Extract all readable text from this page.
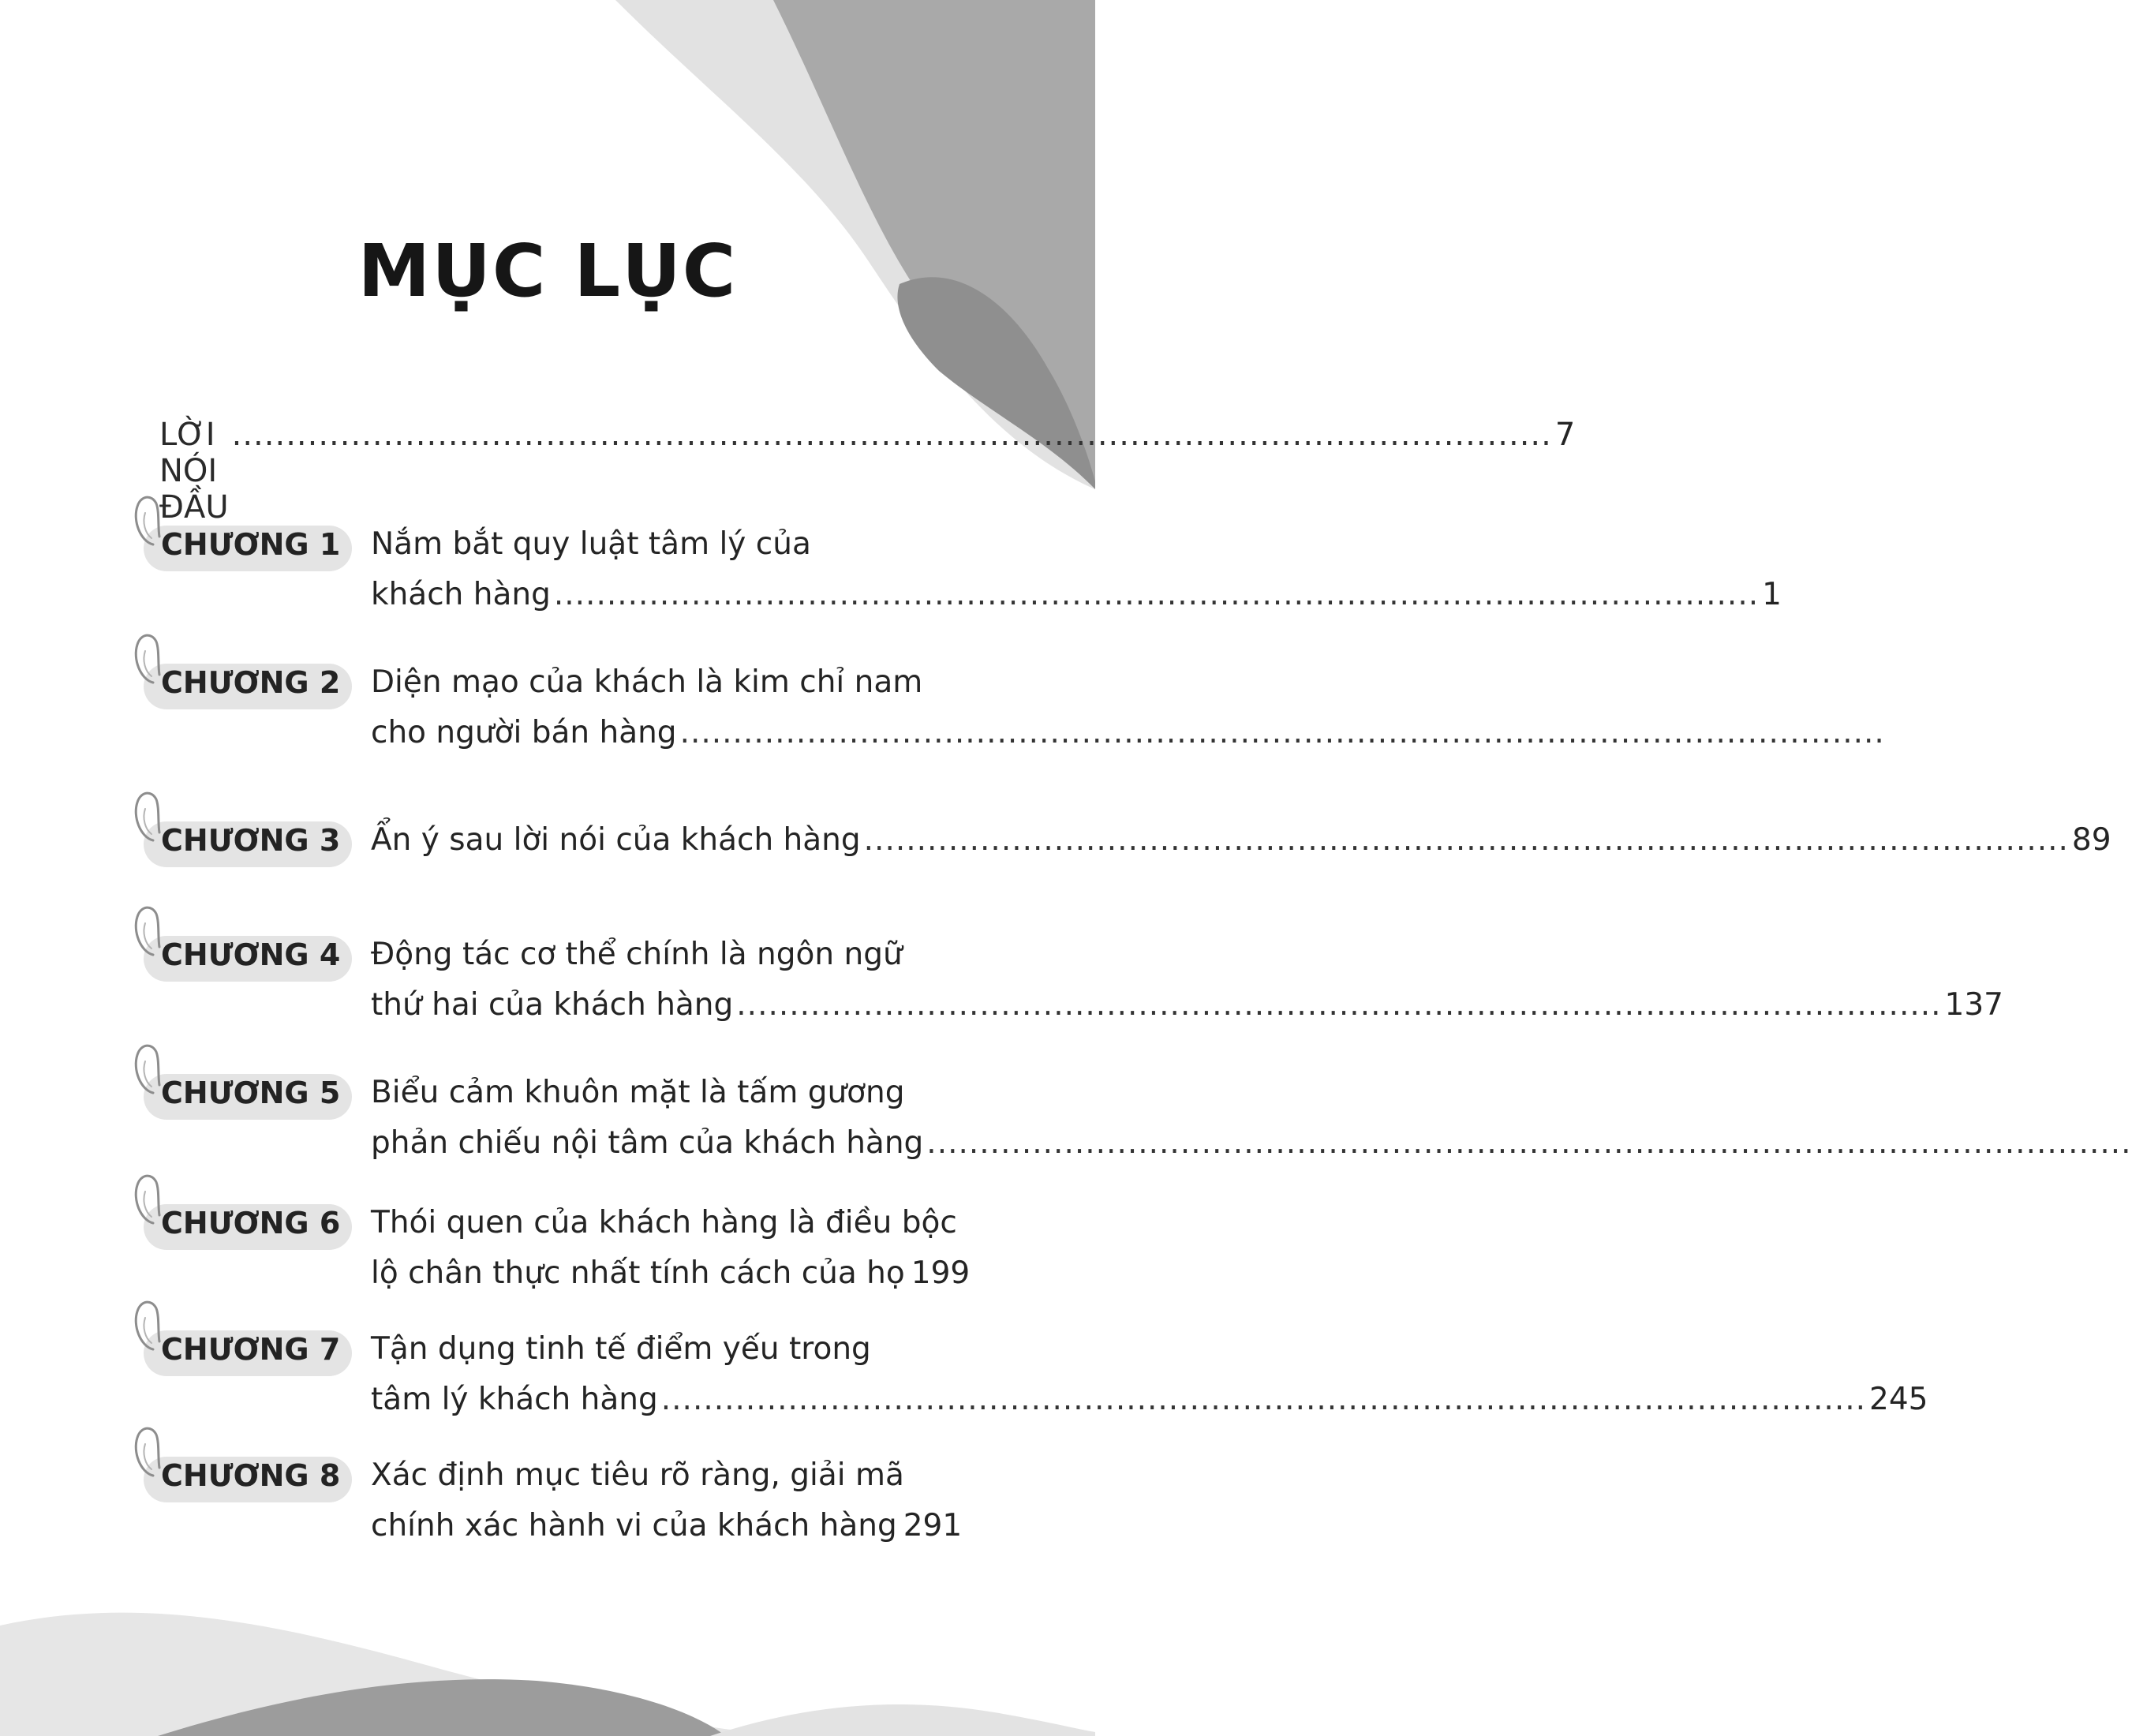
MỤC LỤC
LỜI NÓI ĐẦU
.......................................................................................................................... 7
CHƯƠNG 1 Nắm bắt quy luật tâm lý của
khách hàng .................................................................................................................. 1
CHƯƠNG 2 Diện mạo của khách là kim chỉ nam
cho người bán hàng ..................................................................................................................
CHƯƠNG 3 Ẩn ý sau lời nói của khách hàng .................................................................................................................. 89
CHƯƠNG 4 Động tác cơ thể chính là ngôn ngữ
thứ hai của khách hàng .................................................................................................................. 137
CHƯƠNG 5 Biểu cảm khuôn mặt là tấm gương
phản chiếu nội tâm của khách hàng ..................................................................................................................
CHƯƠNG 6 Thói quen của khách hàng là điều bộc
lộ chân thực nhất tính cách của họ 199
CHƯƠNG 7 Tận dụng tinh tế điểm yếu trong
tâm lý khách hàng .................................................................................................................. 245
CHƯƠNG 8 Xác định mục tiêu rõ ràng, giải mã
chính xác hành vi của khách hàng 291
